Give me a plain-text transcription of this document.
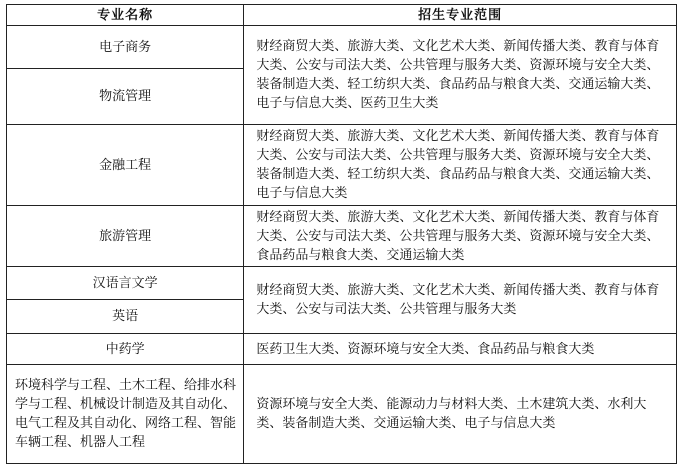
专业名称	招生专业范围
电子商务	财经商贸大类、旅游大类、文化艺术大类、新闻传播大类、教育与体育大类、公安与司法大类、公共管理与服务大类、资源环境与安全大类、装备制造大类、轻工纺织大类、食品药品与粮食大类、交通运输大类、电子与信息大类、医药卫生大类
物流管理	
金融工程	财经商贸大类、旅游大类、文化艺术大类、新闻传播大类、教育与体育大类、公安与司法大类、公共管理与服务大类、资源环境与安全大类、装备制造大类、轻工纺织大类、食品药品与粮食大类、交通运输大类、电子与信息大类
旅游管理	财经商贸大类、旅游大类、文化艺术大类、新闻传播大类、教育与体育大类、公安与司法大类、公共管理与服务大类、资源环境与安全大类、食品药品与粮食大类、交通运输大类
汉语言文学	财经商贸大类、旅游大类、文化艺术大类、新闻传播大类、教育与体育大类、公安与司法大类、公共管理与服务大类
英语	
中药学	医药卫生大类、资源环境与安全大类、食品药品与粮食大类
环境科学与工程、土木工程、给排水科学与工程、机械设计制造及其自动化、电气工程及其自动化、网络工程、智能车辆工程、机器人工程	资源环境与安全大类、能源动力与材料大类、土木建筑大类、水利大类、装备制造大类、交通运输大类、电子与信息大类
